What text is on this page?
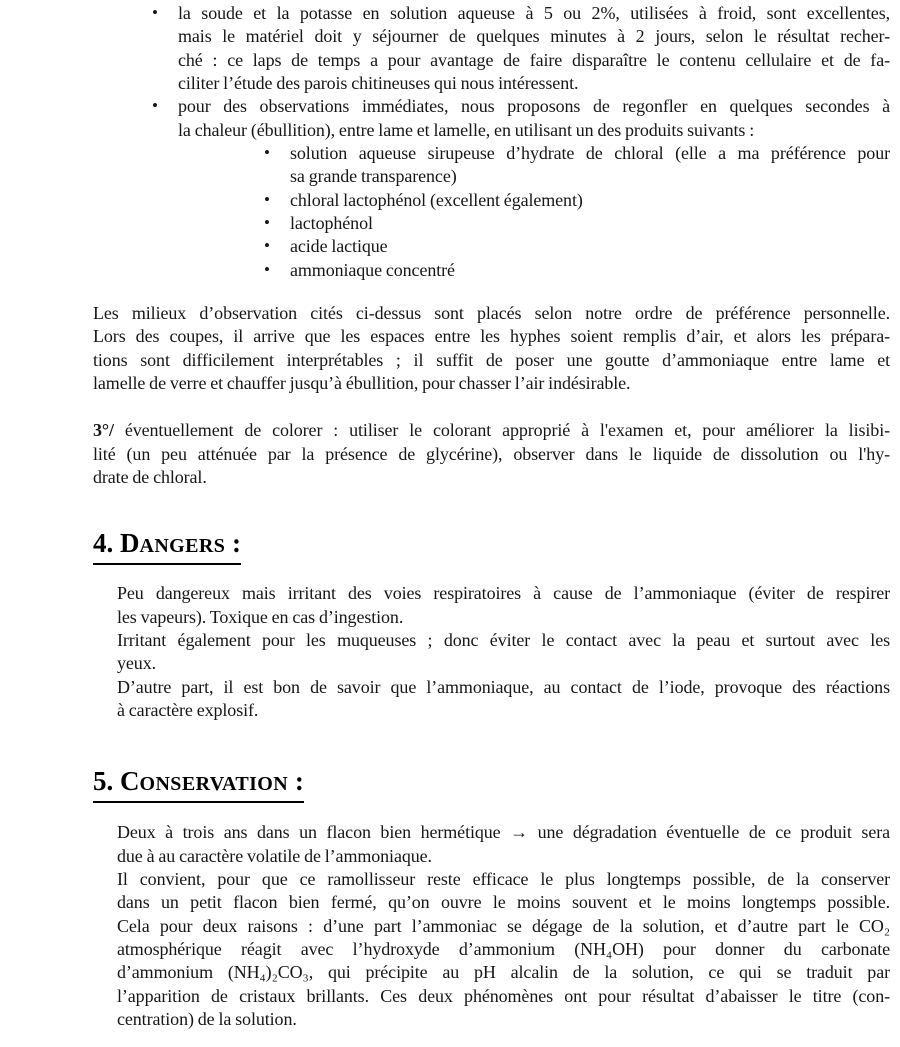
• la soude et la potasse en solution aqueuse à 5 ou 2%, utilisées à froid, sont excellentes,
mais le matériel doit y séjourner de quelques minutes à 2 jours, selon le résultat recher-
ché : ce laps de temps a pour avantage de faire disparaître le contenu cellulaire et de fa-
ciliter l’étude des parois chitineuses qui nous intéressent.
• pour des observations immédiates, nous proposons de regonfler en quelques secondes à
la chaleur (ébullition), entre lame et lamelle, en utilisant un des produits suivants :
• solution aqueuse sirupeuse d’hydrate de chloral (elle a ma préférence pour
sa grande transparence)
• chloral lactophénol (excellent également)
• lactophénol
• acide lactique
• ammoniaque concentré
Les milieux d’observation cités ci-dessus sont placés selon notre ordre de préférence personnelle.
Lors des coupes, il arrive que les espaces entre les hyphes soient remplis d’air, et alors les prépara-
tions sont difficilement interprétables ; il suffit de poser une goutte d’ammoniaque entre lame et
lamelle de verre et chauffer jusqu’à ébullition, pour chasser l’air indésirable.
3°/ éventuellement de colorer : utiliser le colorant approprié à l'examen et, pour améliorer la lisibi-
lité (un peu atténuée par la présence de glycérine), observer dans le liquide de dissolution ou l'hy-
drate de chloral.
4. DANGERS :
Peu dangereux mais irritant des voies respiratoires à cause de l’ammoniaque (éviter de respirer
les vapeurs). Toxique en cas d’ingestion.
Irritant également pour les muqueuses ; donc éviter le contact avec la peau et surtout avec les
yeux.
D’autre part, il est bon de savoir que l’ammoniaque, au contact de l’iode, provoque des réactions
à caractère explosif.
5. CONSERVATION :
Deux à trois ans dans un flacon bien hermétique → une dégradation éventuelle de ce produit sera
due à au caractère volatile de l’ammoniaque.
Il convient, pour que ce ramollisseur reste efficace le plus longtemps possible, de la conserver
dans un petit flacon bien fermé, qu’on ouvre le moins souvent et le moins longtemps possible.
Cela pour deux raisons : d’une part l’ammoniac se dégage de la solution, et d’autre part le CO₂
atmosphérique réagit avec l’hydroxyde d’ammonium (NH₄OH) pour donner du carbonate
d’ammonium (NH₄)₂CO₃, qui précipite au pH alcalin de la solution, ce qui se traduit par
l’apparition de cristaux brillants. Ces deux phénomènes ont pour résultat d’abaisser le titre (con-
centration) de la solution.
